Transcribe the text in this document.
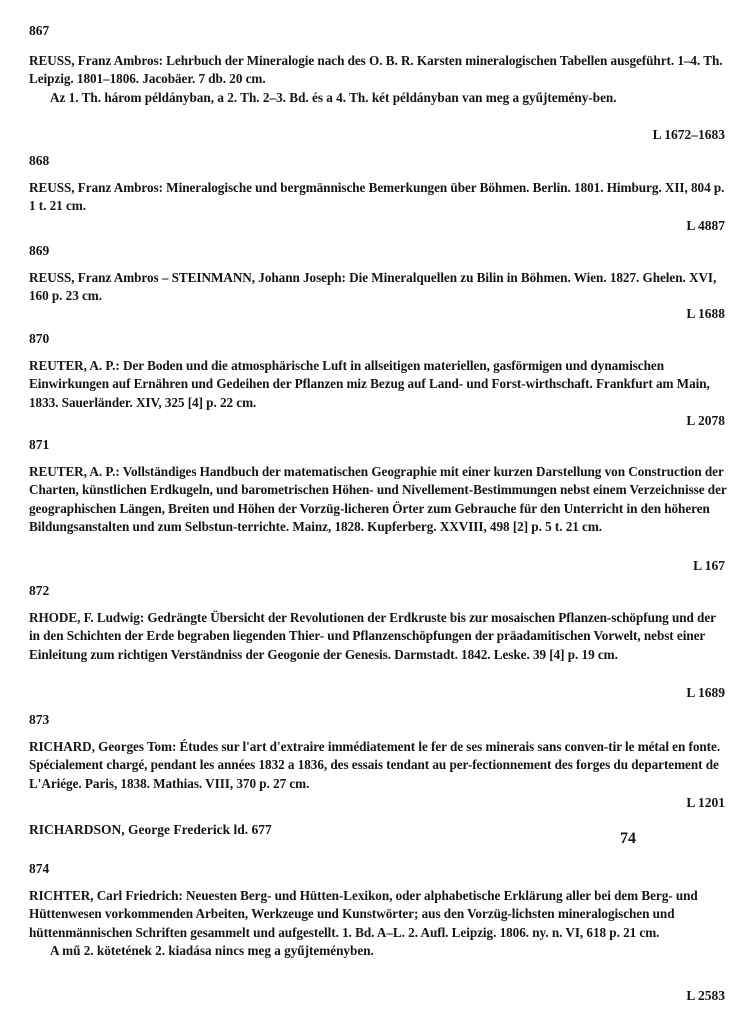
867
REUSS, Franz Ambros: Lehrbuch der Mineralogie nach des O. B. R. Karsten mineralogischen Tabellen ausgeführt. 1–4. Th. Leipzig. 1801–1806. Jacobäer. 7 db. 20 cm.
Az 1. Th. három példányban, a 2. Th. 2–3. Bd. és a 4. Th. két példányban van meg a gyűjtemény-ben.
L 1672–1683
868
REUSS, Franz Ambros: Mineralogische und bergmännische Bemerkungen über Böhmen. Berlin. 1801. Himburg. XII, 804 p. 1 t. 21 cm.
L 4887
869
REUSS, Franz Ambros – STEINMANN, Johann Joseph: Die Mineralquellen zu Bilin in Böhmen. Wien. 1827. Ghelen. XVI, 160 p. 23 cm.
L 1688
870
REUTER, A. P.: Der Boden und die atmosphärische Luft in allseitigen materiellen, gasförmigen und dynamischen Einwirkungen auf Ernähren und Gedeihen der Pflanzen miz Bezug auf Land- und Forst-wirthschaft. Frankfurt am Main, 1833. Sauerländer. XIV, 325 [4] p. 22 cm.
L 2078
871
REUTER, A. P.: Vollständiges Handbuch der matematischen Geographie mit einer kurzen Darstellung von Construction der Charten, künstlichen Erdkugeln, und barometrischen Höhen- und Nivellement-Bestimmungen nebst einem Verzeichnisse der geographischen Längen, Breiten und Höhen der Vorzüg-licheren Örter zum Gebrauche für den Unterricht in den höheren Bildungsanstalten und zum Selbstun-terrichte. Mainz, 1828. Kupferberg. XXVIII, 498 [2] p. 5 t. 21 cm.
L 167
872
RHODE, F. Ludwig: Gedrängte Übersicht der Revolutionen der Erdkruste bis zur mosaischen Pflanzen-schöpfung und der in den Schichten der Erde begraben liegenden Thier- und Pflanzenschöpfungen der präadamitischen Vorwelt, nebst einer Einleitung zum richtigen Verständniss der Geogonie der Genesis. Darmstadt. 1842. Leske. 39 [4] p. 19 cm.
L 1689
873
RICHARD, Georges Tom: Études sur l'art d'extraire immédiatement le fer de ses minerais sans conven-tir le métal en fonte. Spécialement chargé, pendant les années 1832 a 1836, des essais tendant au per-fectionnement des forges du departement de L'Ariége. Paris, 1838. Mathias. VIII, 370 p. 27 cm.
L 1201
RICHARDSON, George Frederick ld. 677
74
874
RICHTER, Carl Friedrich: Neuesten Berg- und Hütten-Lexikon, oder alphabetische Erklärung aller bei dem Berg- und Hüttenwesen vorkommenden Arbeiten, Werkzeuge und Kunstwörter; aus den Vorzüg-lichsten mineralogischen und hüttenmännischen Schriften gesammelt und aufgestellt. 1. Bd. A–L. 2. Aufl. Leipzig. 1806. ny. n. VI, 618 p. 21 cm.
A mű 2. kötetének 2. kiadása nincs meg a gyűjteményben.
L 2583
